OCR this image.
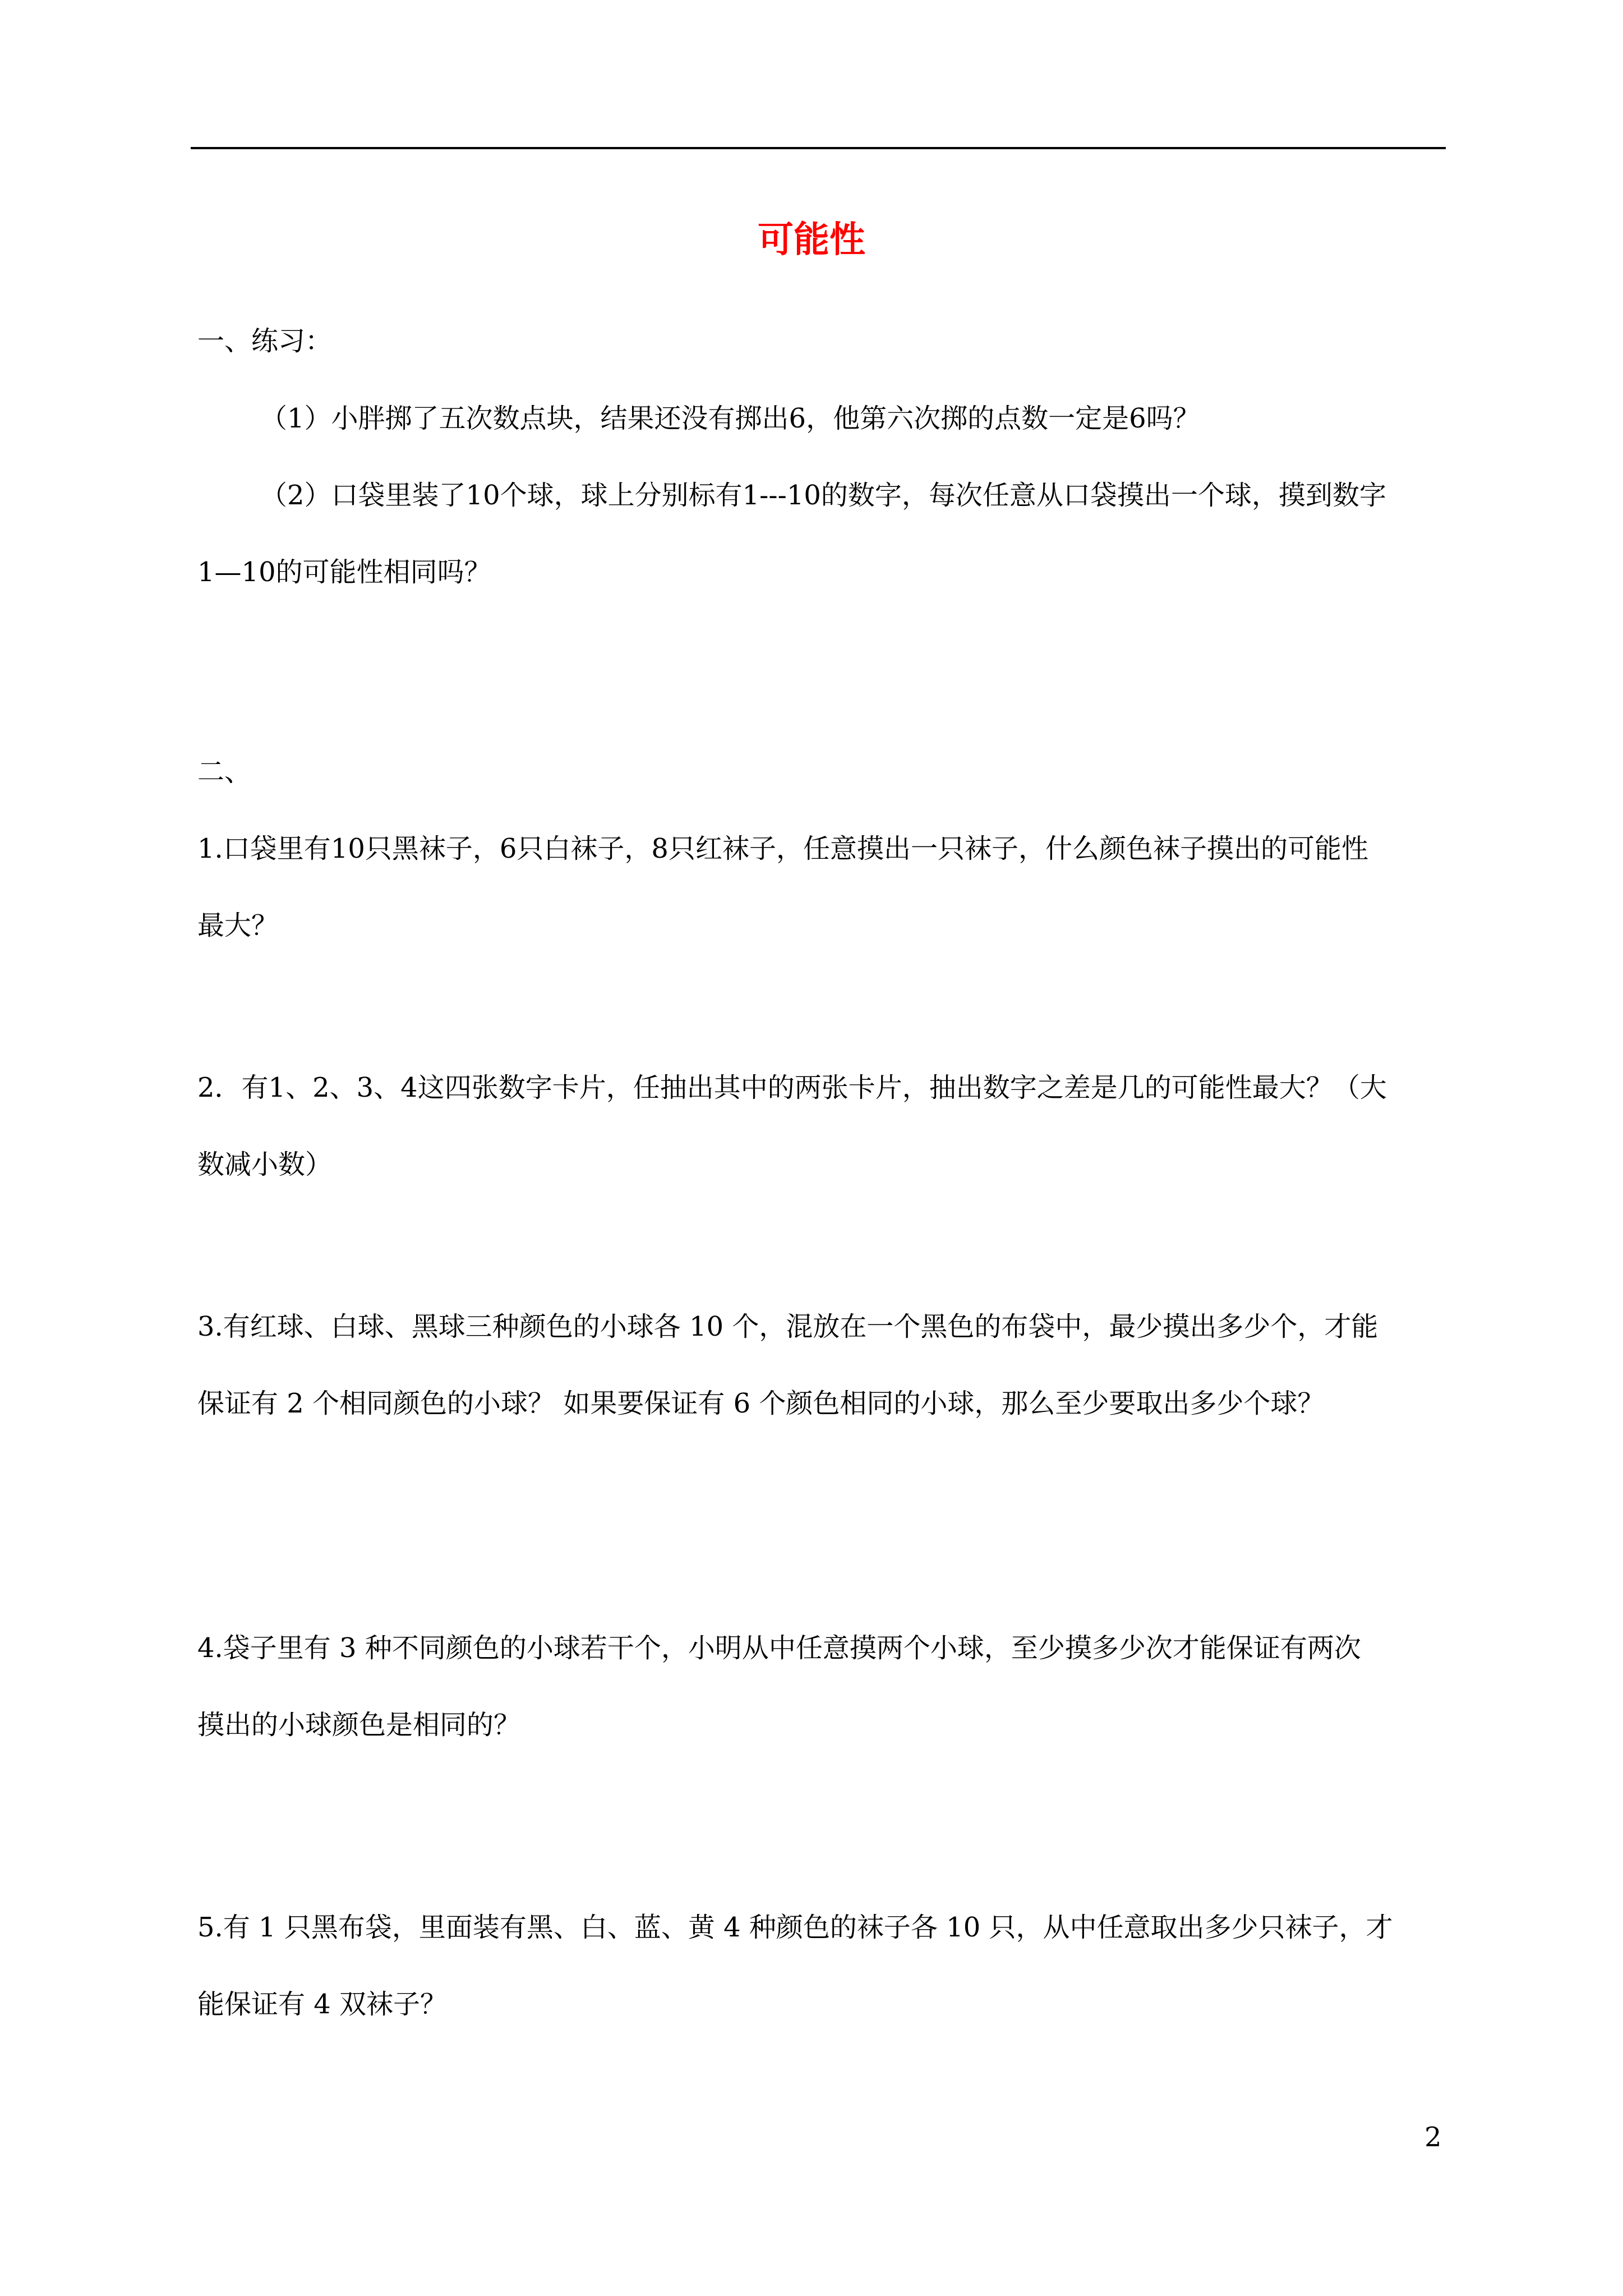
可能性
一、练习：
（1）小胖掷了五次数点块，结果还没有掷出6，他第六次掷的点数一定是6吗？
（2）口袋里装了10个球，球上分别标有1---10的数字，每次任意从口袋摸出一个球，摸到数字
1—10的可能性相同吗？
二、
1.口袋里有10只黑袜子，6只白袜子，8只红袜子，任意摸出一只袜子，什么颜色袜子摸出的可能性
最大？
2．有1、2、3、4这四张数字卡片，任抽出其中的两张卡片，抽出数字之差是几的可能性最大？（大
数减小数）
3.有红球、白球、黑球三种颜色的小球各 10 个，混放在一个黑色的布袋中，最少摸出多少个，才能
保证有 2 个相同颜色的小球？ 如果要保证有 6 个颜色相同的小球，那么至少要取出多少个球？
4.袋子里有 3 种不同颜色的小球若干个，小明从中任意摸两个小球，至少摸多少次才能保证有两次
摸出的小球颜色是相同的？
5.有 1 只黑布袋，里面装有黑、白、蓝、黄 4 种颜色的袜子各 10 只，从中任意取出多少只袜子，才
能保证有 4 双袜子？
2
